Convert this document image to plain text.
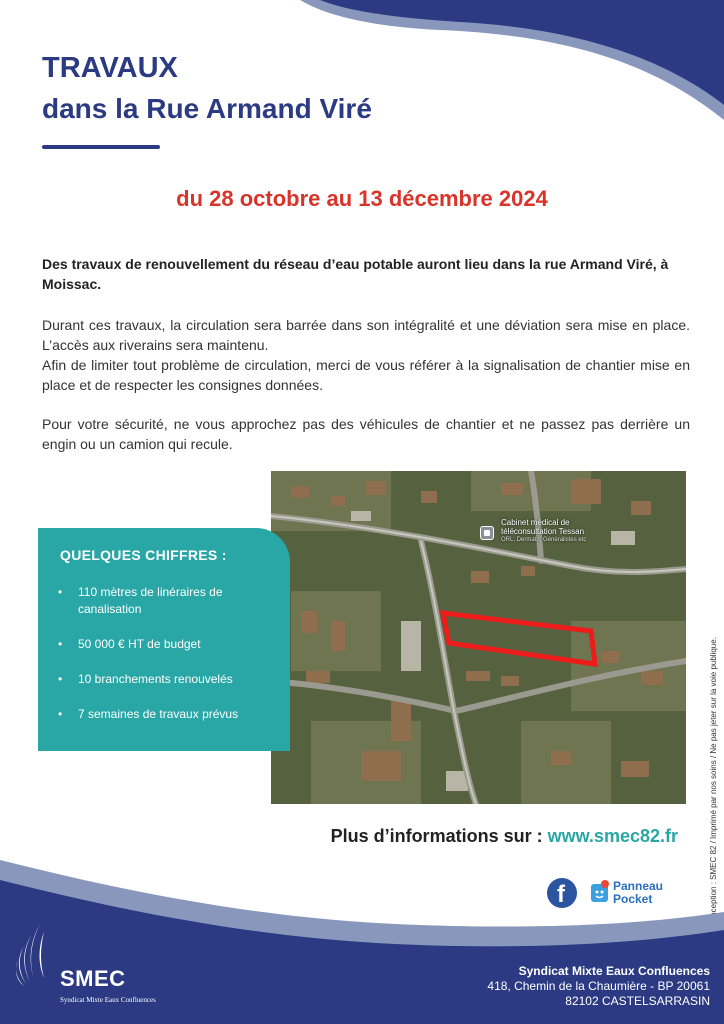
TRAVAUX
dans la Rue Armand Viré
du 28 octobre au 13 décembre 2024

Des travaux de renouvellement du réseau d’eau potable auront lieu dans la rue Armand Viré, à Moissac.

Durant ces travaux, la circulation sera barrée dans son intégralité et une déviation sera mise en place. L’accès aux riverains sera maintenu.
Afin de limiter tout problème de circulation, merci de vous référer à la signalisation de chantier mise en place et de respecter les consignes données.

Pour votre sécurité, ne vous approchez pas des véhicules de chantier et ne passez pas derrière un engin ou un camion qui recule.

Cabinet médical de téléconsultation Tessan
ORL, Dermato, Généralistes etc
QUELQUES CHIFFRES :
• 110 mètres de linéraires de canalisation
• 50 000 € HT de budget
• 10 branchements renouvelés
• 7 semaines de travaux prévus	Conception : SMEC 82 / Imprimé par nos soins / Ne pas jeter sur la voie publique.
Plus d’informations sur : www.smec82.fr
f	Panneau
Pocket
SMEC
Syndicat Mixte Eaux Confluences
Syndicat Mixte Eaux Confluences
418, Chemin de la Chaumière - BP 20061
82102 CASTELSARRASIN
